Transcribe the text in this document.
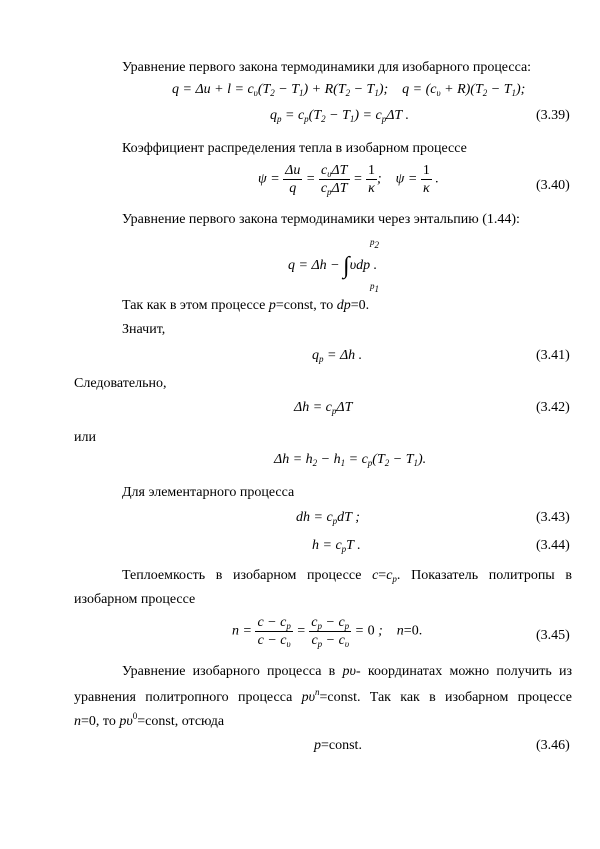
Уравнение первого закона термодинамики для изобарного процесса:
$q = \Delta u + l = c_\upsilon(T_2 - T_1) + R(T_2 - T_1)$;    $q = (c_\upsilon + R)(T_2 - T_1)$;
$q_p = c_p(T_2 - T_1) = c_p\Delta T$ .	(3.39)
Коэффициент распределения тепла в изобарном процессе
$\psi = \frac{\Delta u}{q} = \frac{c_\upsilon\Delta T}{c_p\Delta T} = \frac{1}{\kappa}$ ;    $\psi = \frac{1}{\kappa}$ .	(3.40)
Уравнение первого закона термодинамики через энтальпию (1.44):
$p_2$
q = Δh − ∫υdp .
$p_1$
Так как в этом процессе p=const, то dp=0.
Значит,
$q_p = \Delta h$ .	(3.41)
Следовательно,
$\Delta h = c_p\Delta T$	(3.42)
или
$\Delta h = h_2 - h_1 = c_p(T_2 - T_1)$.
Для элементарного процесса
dh = $c_pdT$ ;	(3.43)
$h = c_pT$ .	(3.44)
Теплоемкость в изобарном процессе $c=c_p$. Показатель политропы в
изобарном процессе
$n = \frac{c - c_p}{c - c_\upsilon} = \frac{c_p - c_p}{c_p - c_\upsilon} = 0$ ;    n=0.	(3.45)
Уравнение изобарного процесса в pυ- координатах можно получить из
уравнения политропного процесса $p\upsilon^n=const$. Так как в изобарном процессе
n=0, то $p\upsilon^0=const$, отсюда
p=const.	(3.46)
